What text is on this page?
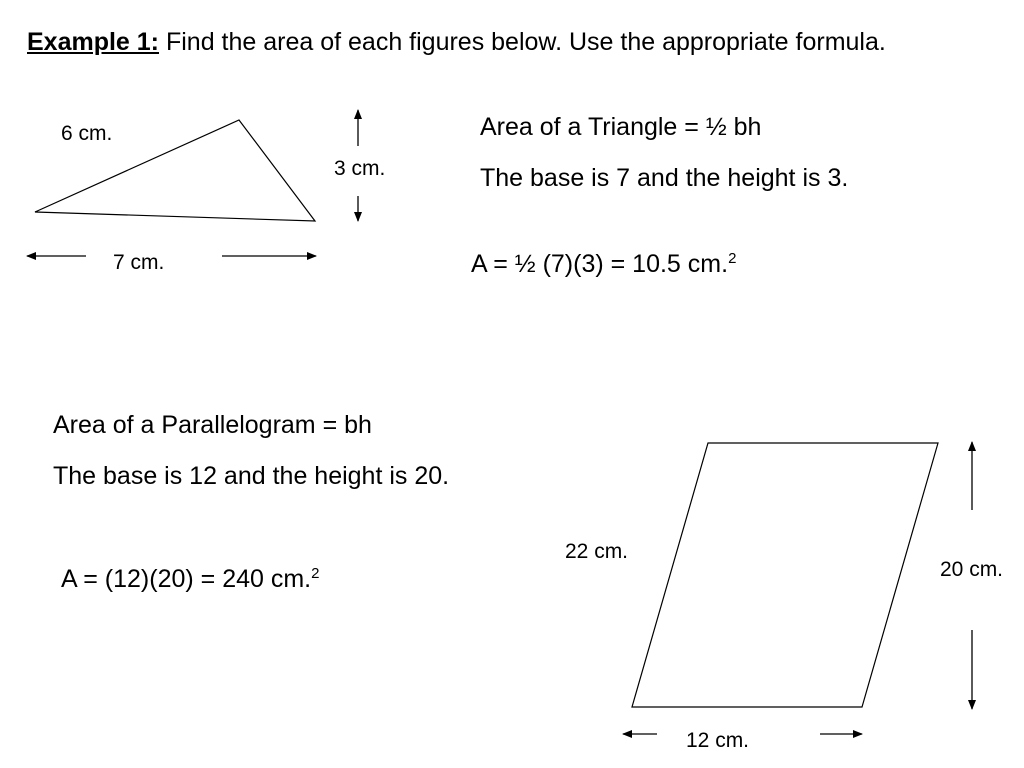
Example 1: Find the area of each figures below. Use the appropriate formula.
6 cm.
3 cm.
7 cm.
Area of a Triangle = ½ bh
The base is 7 and the height is 3.
A = ½ (7)(3) = 10.5 cm.$^2$
Area of a Parallelogram = bh
The base is 12 and the height is 20.
A = (12)(20) = 240 cm.$^2$
22 cm.
20 cm.
12 cm.
